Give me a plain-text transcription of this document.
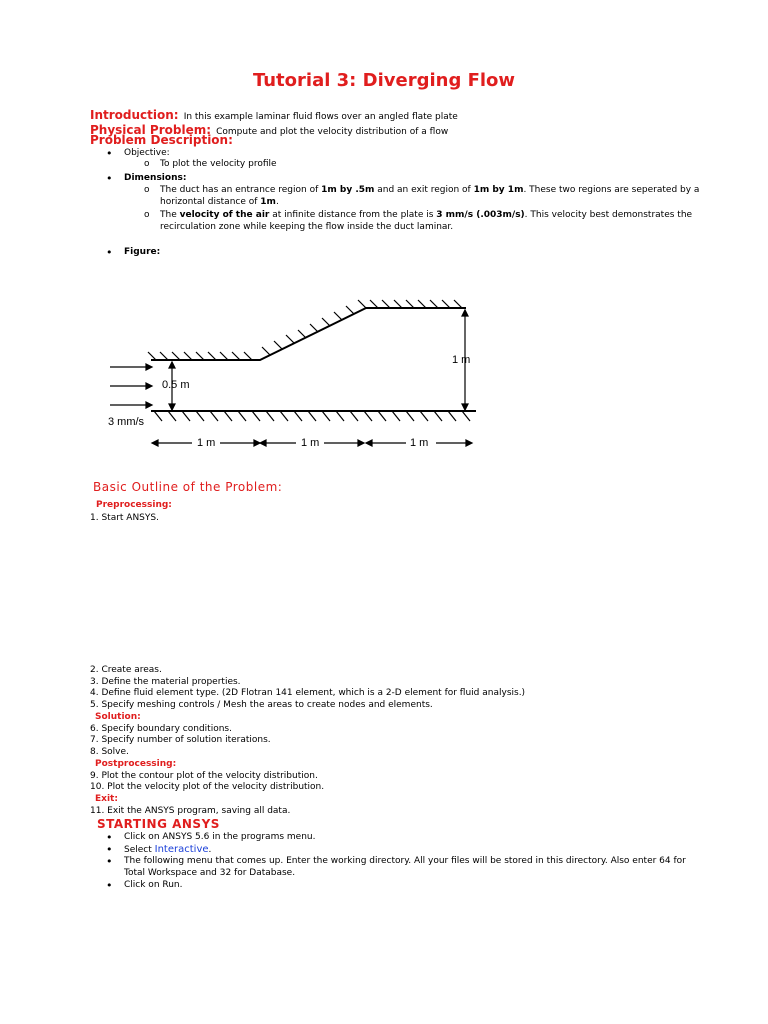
Tutorial 3: Diverging Flow
Introduction: In this example laminar fluid flows over an angled flate plate
Physical Problem: Compute and plot the velocity distribution of a flow
Problem Description:
• Objective:
o To plot the velocity profile
• Dimensions:
o The duct has an entrance region of 1m by .5m and an exit region of 1m by 1m. These two regions are seperated by a
horizontal distance of 1m.
o The velocity of the air at infinite distance from the plate is 3 mm/s (.003m/s). This velocity best demonstrates the
recirculation zone while keeping the flow inside the duct laminar.
• Figure:
0.5 m
1 m
3 mm/s
1 m	1 m	1 m
Basic Outline of the Problem:
Preprocessing:
1. Start ANSYS.
2. Create areas.
3. Define the material properties.
4. Define fluid element type. (2D Flotran 141 element, which is a 2-D element for fluid analysis.)
5. Specify meshing controls / Mesh the areas to create nodes and elements.
Solution:
6. Specify boundary conditions.
7. Specify number of solution iterations.
8. Solve.
Postprocessing:
9. Plot the contour plot of the velocity distribution.
10. Plot the velocity plot of the velocity distribution.
Exit:
11. Exit the ANSYS program, saving all data.
STARTING ANSYS
• Click on ANSYS 5.6 in the programs menu.
• Select Interactive.
• The following menu that comes up. Enter the working directory. All your files will be stored in this directory. Also enter 64 for
Total Workspace and 32 for Database.
• Click on Run.
